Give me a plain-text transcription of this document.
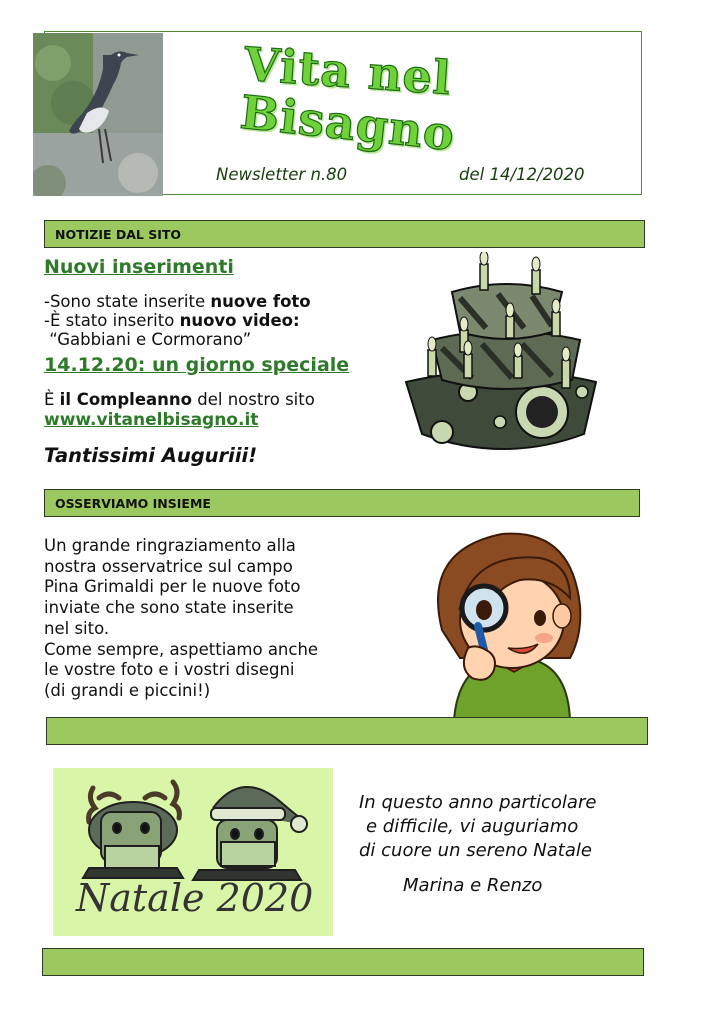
Vita nel
Bisagno
Newsletter n.80	del 14/12/2020
NOTIZIE DAL SITO
Nuovi inserimenti
-Sono state inserite nuove foto
-È stato inserito nuovo video:
“Gabbiani e Cormorano”
14.12.20: un giorno speciale
È il Compleanno del nostro sito
www.vitanelbisagno.it
Tantissimi Auguriii!
OSSERVIAMO INSIEME
Un grande ringraziamento alla
nostra osservatrice sul campo
Pina Grimaldi per le nuove foto
inviate che sono state inserite
nel sito.
Come sempre, aspettiamo anche
le vostre foto e i vostri disegni
(di grandi e piccini!)
Natale 2020
In questo anno particolare
e difficile, vi auguriamo
di cuore un sereno Natale
Marina e Renzo
